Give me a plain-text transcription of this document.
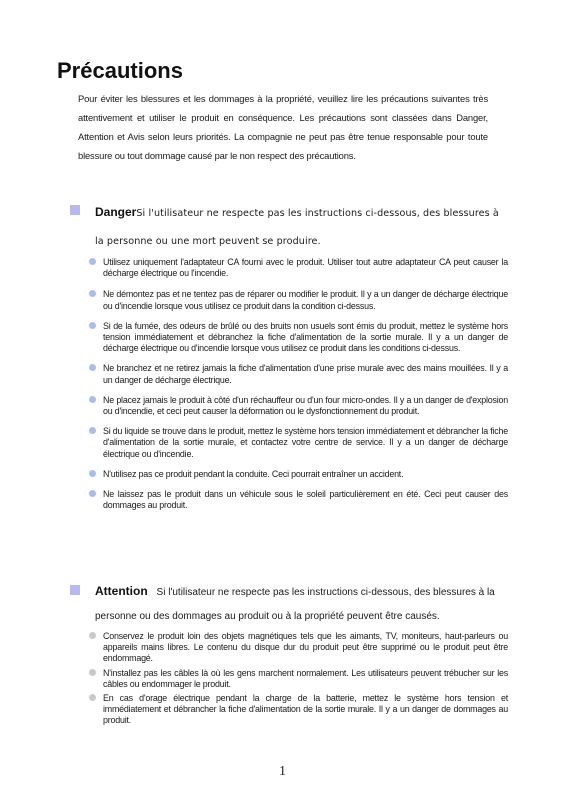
Précautions
Pour éviter les blessures et les dommages à la propriété, veuillez lire les précautions suivantes très attentivement et utiliser le produit en conséquence. Les précautions sont classées dans Danger, Attention et Avis selon leurs priorités. La compagnie ne peut pas être tenue responsable pour toute blessure ou tout dommage causé par le non respect des précautions.
DangerSi l'utilisateur ne respecte pas les instructions ci-dessous, des blessures à la personne ou une mort peuvent se produire.
Utilisez uniquement l'adaptateur CA fourni avec le produit. Utiliser tout autre adaptateur CA peut causer la décharge électrique ou l'incendie.
Ne démontez pas et ne tentez pas de réparer ou modifier le produit. Il y a un danger de décharge électrique ou d'incendie lorsque vous utilisez ce produit dans la condition ci-dessus.
Si de la fumée, des odeurs de brûlé ou des bruits non usuels sont émis du produit, mettez le système hors tension immédiatement et débranchez la fiche d'alimentation de la sortie murale. Il y a un danger de décharge électrique ou d'incendie lorsque vous utilisez ce produit dans les conditions ci-dessus.
Ne branchez et ne retirez jamais la fiche d'alimentation d'une prise murale avec des mains mouillées. Il y a un danger de décharge électrique.
Ne placez jamais le produit à côté d'un réchauffeur ou d'un four micro-ondes. Il y a un danger de d'explosion ou d'incendie, et ceci peut causer la déformation ou le dysfonctionnement du produit.
Si du liquide se trouve dans le produit, mettez le système hors tension immédiatement et débrancher la fiche d'alimentation de la sortie murale, et contactez votre centre de service. Il y a un danger de décharge électrique ou d'incendie.
N'utilisez pas ce produit pendant la conduite. Ceci pourrait entraîner un accident.
Ne laissez pas le produit dans un véhicule sous le soleil particulièrement en été. Ceci peut causer des dommages au produit.
Attention Si l'utilisateur ne respecte pas les instructions ci-dessous, des blessures à la personne ou des dommages au produit ou à la propriété peuvent être causés.
Conservez le produit loin des objets magnétiques tels que les aimants, TV, moniteurs, haut-parleurs ou appareils mains libres. Le contenu du disque dur du produit peut être supprimé ou le produit peut être endommagé.
N'installez pas les câbles là où les gens marchent normalement. Les utilisateurs peuvent trébucher sur les câbles ou endommager le produit.
En cas d'orage électrique pendant la charge de la batterie, mettez le système hors tension et immédiatement et débrancher la fiche d'alimentation de la sortie murale. Il y a un danger de dommages au produit.
1
